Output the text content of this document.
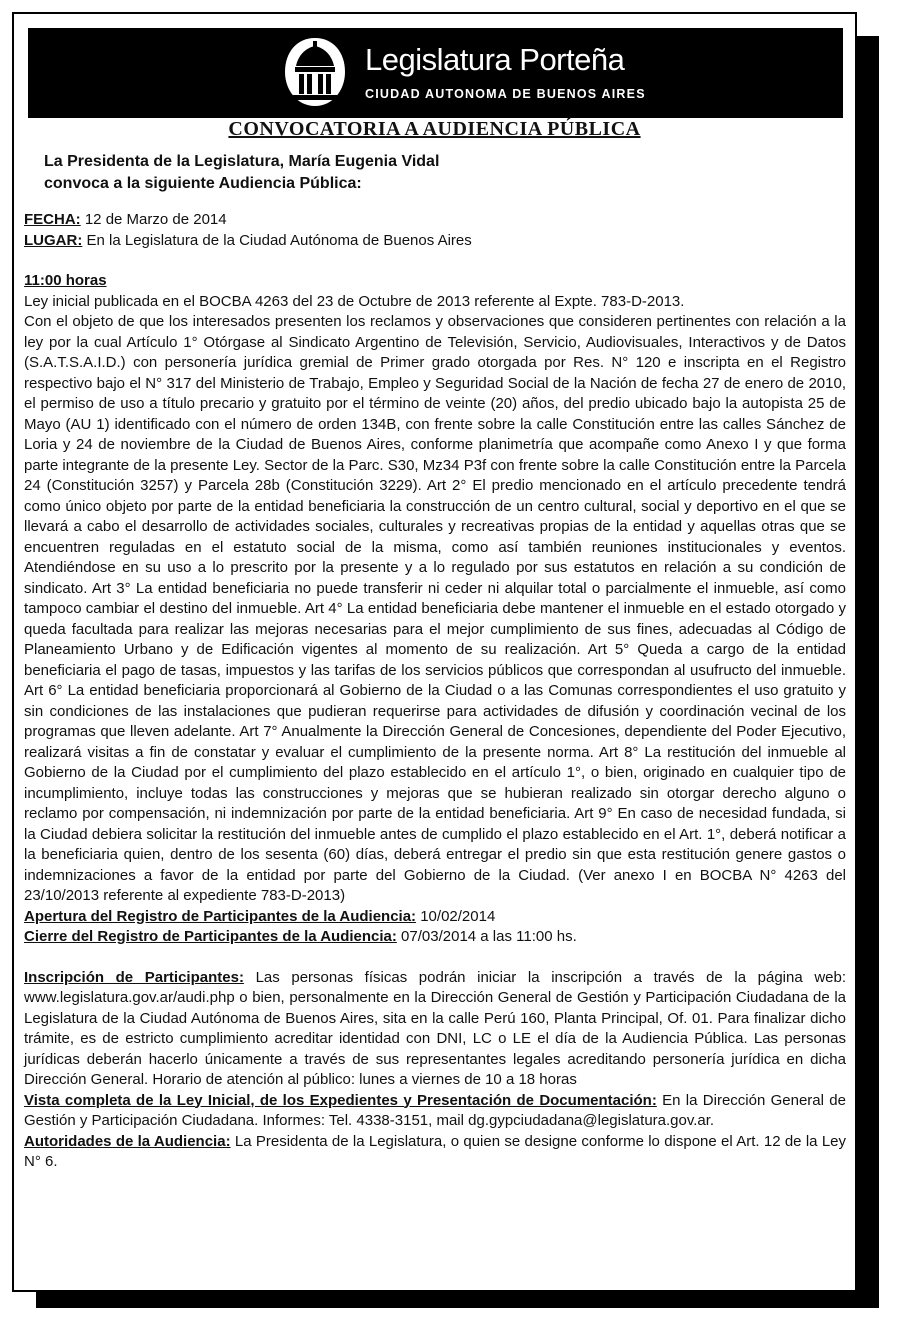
Legislatura Porteña
CIUDAD AUTONOMA DE BUENOS AIRES
CONVOCATORIA A AUDIENCIA PÚBLICA
La Presidenta de la Legislatura, María Eugenia Vidal
convoca a la siguiente Audiencia Pública:

FECHA: 12 de Marzo de 2014

LUGAR: En la Legislatura de la Ciudad Autónoma de Buenos Aires

11:00 horas

Ley inicial publicada en el BOCBA 4263 del 23 de Octubre de 2013 referente al Expte. 783-D-2013.

Con el objeto de que los interesados presenten los reclamos y observaciones que consideren pertinentes con relación a la ley por la cual Artículo 1° Otórgase al Sindicato Argentino de Televisión, Servicio, Audiovisuales, Interactivos y de Datos (S.A.T.S.A.I.D.) con personería jurídica gremial de Primer grado otorgada por Res. N° 120 e inscripta en el Registro respectivo bajo el N° 317 del Ministerio de Trabajo, Empleo y Seguridad Social de la Nación de fecha 27 de enero de 2010, el permiso de uso a título precario y gratuito por el término de veinte (20) años, del predio ubicado bajo la autopista 25 de Mayo (AU 1) identificado con el número de orden 134B, con frente sobre la calle Constitución entre las calles Sánchez de Loria y 24 de noviembre de la Ciudad de Buenos Aires, conforme planimetría que acompañe como Anexo I y que forma parte integrante de la presente Ley. Sector de la Parc. S30, Mz34 P3f con frente sobre la calle Constitución entre la Parcela 24 (Constitución 3257) y Parcela 28b (Constitución 3229). Art 2° El predio mencionado en el artículo precedente tendrá como único objeto por parte de la entidad beneficiaria la construcción de un centro cultural, social y deportivo en el que se llevará a cabo el desarrollo de actividades sociales, culturales y recreativas propias de la entidad y aquellas otras que se encuentren reguladas en el estatuto social de la misma, como así también reuniones institucionales y eventos. Atendiéndose en su uso a lo prescrito por la presente y a lo regulado por sus estatutos en relación a su condición de sindicato. Art 3° La entidad beneficiaria no puede transferir ni ceder ni alquilar total o parcialmente el inmueble, así como tampoco cambiar el destino del inmueble. Art 4° La entidad beneficiaria debe mantener el inmueble en el estado otorgado y queda facultada para realizar las mejoras necesarias para el mejor cumplimiento de sus fines, adecuadas al Código de Planeamiento Urbano y de Edificación vigentes al momento de su realización. Art 5° Queda a cargo de la entidad beneficiaria el pago de tasas, impuestos y las tarifas de los servicios públicos que correspondan al usufructo del inmueble. Art 6° La entidad beneficiaria proporcionará al Gobierno de la Ciudad o a las Comunas correspondientes el uso gratuito y sin condiciones de las instalaciones que pudieran requerirse para actividades de difusión y coordinación vecinal de los programas que lleven adelante. Art 7° Anualmente la Dirección General de Concesiones, dependiente del Poder Ejecutivo, realizará visitas a fin de constatar y evaluar el cumplimiento de la presente norma. Art 8° La restitución del inmueble al Gobierno de la Ciudad por el cumplimiento del plazo establecido en el artículo 1°, o bien, originado en cualquier tipo de incumplimiento, incluye todas las construcciones y mejoras que se hubieran realizado sin otorgar derecho alguno o reclamo por compensación, ni indemnización por parte de la entidad beneficiaria. Art 9° En caso de necesidad fundada, si la Ciudad debiera solicitar la restitución del inmueble antes de cumplido el plazo establecido en el Art. 1°, deberá notificar a la beneficiaria quien, dentro de los sesenta (60) días, deberá entregar el predio sin que esta restitución genere gastos o indemnizaciones a favor de la entidad por parte del Gobierno de la Ciudad. (Ver anexo I en BOCBA N° 4263 del 23/10/2013 referente al expediente 783-D-2013)

Apertura del Registro de Participantes de la Audiencia: 10/02/2014

Cierre del Registro de Participantes de la Audiencia: 07/03/2014 a las 11:00 hs.

Inscripción de Participantes: Las personas físicas podrán iniciar la inscripción a través de la página web: www.legislatura.gov.ar/audi.php o bien, personalmente en la Dirección General de Gestión y Participación Ciudadana de la Legislatura de la Ciudad Autónoma de Buenos Aires, sita en la calle Perú 160, Planta Principal, Of. 01. Para finalizar dicho trámite, es de estricto cumplimiento acreditar identidad con DNI, LC o LE el día de la Audiencia Pública. Las personas jurídicas deberán hacerlo únicamente a través de sus representantes legales acreditando personería jurídica en dicha Dirección General. Horario de atención al público: lunes a viernes de 10 a 18 horas

Vista completa de la Ley Inicial, de los Expedientes y Presentación de Documentación: En la Dirección General de Gestión y Participación Ciudadana. Informes: Tel. 4338-3151, mail dg.gypciudadana@legislatura.gov.ar.

Autoridades de la Audiencia: La Presidenta de la Legislatura, o quien se designe conforme lo dispone el Art. 12 de la Ley N° 6.
